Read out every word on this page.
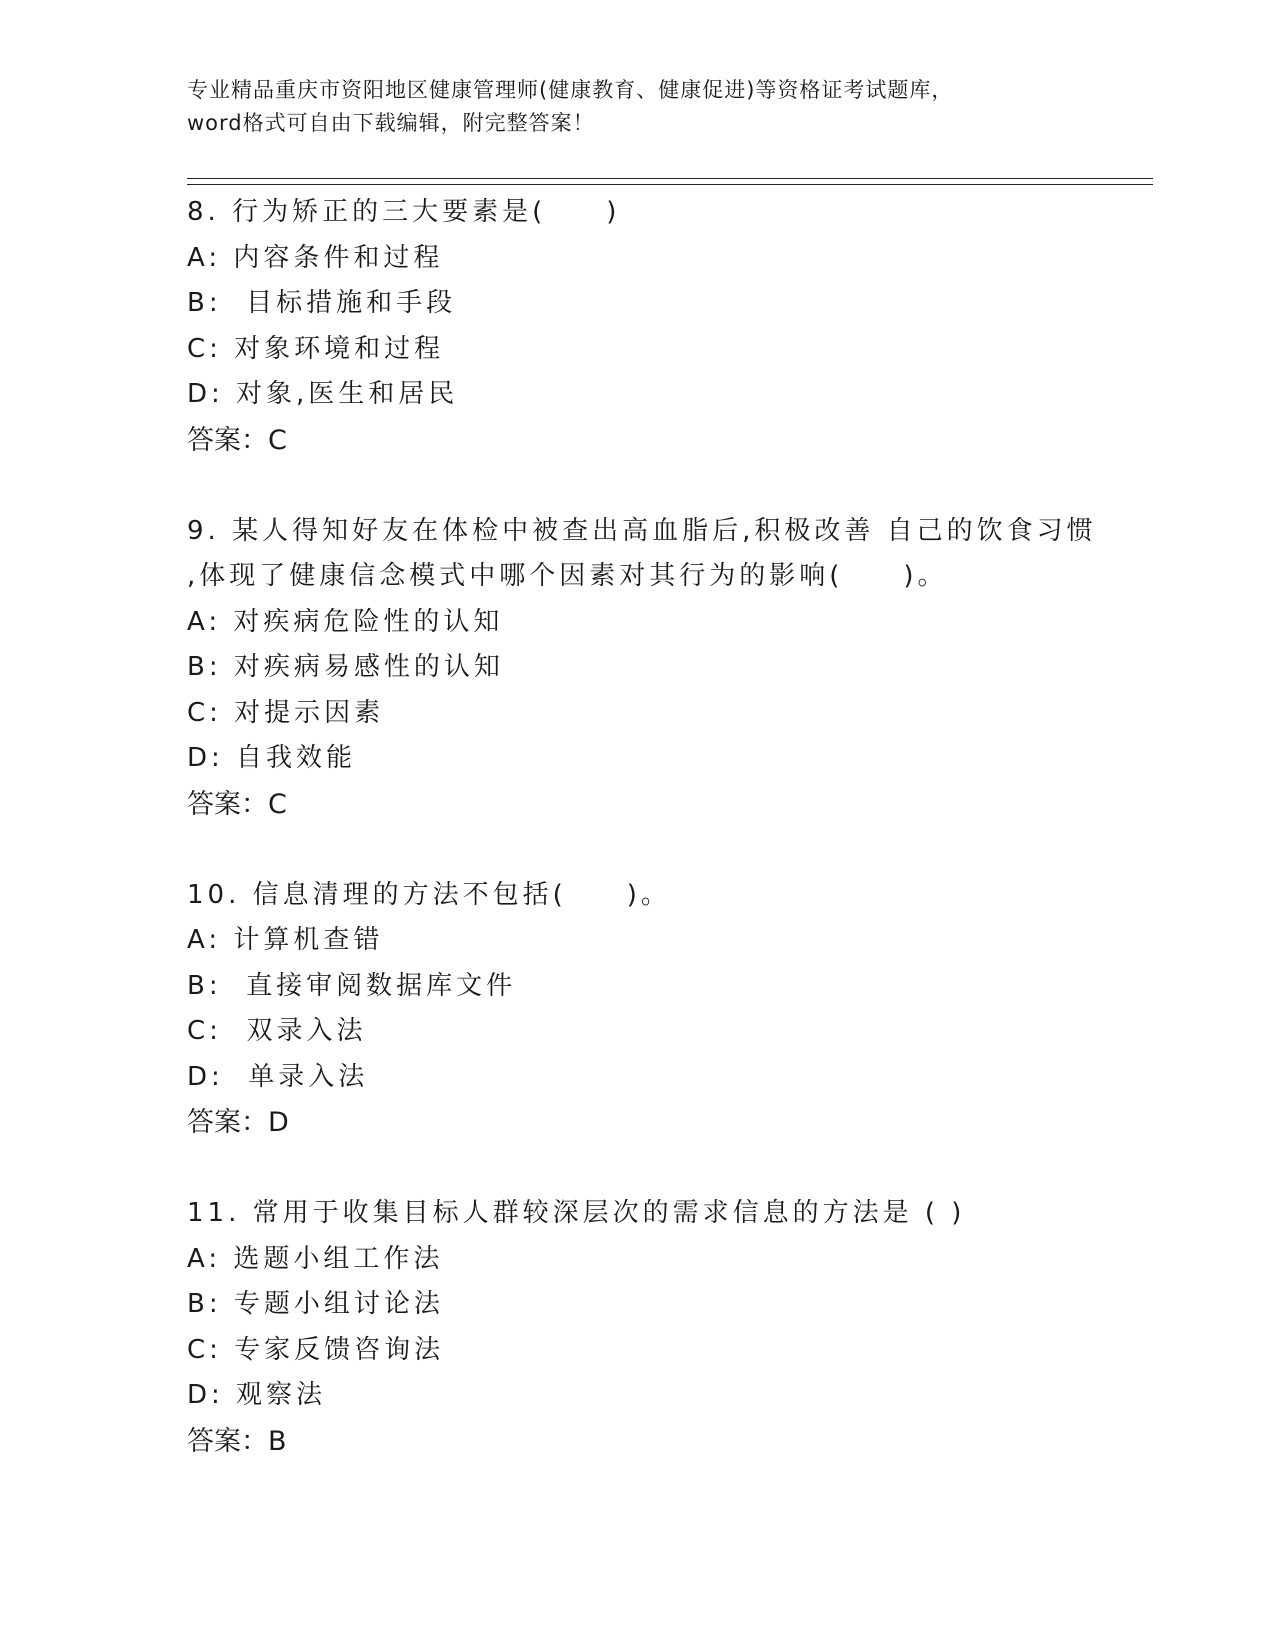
专业精品重庆市资阳地区健康管理师(健康教育、健康促进)等资格证考试题库，
word格式可自由下载编辑，附完整答案！
8. 行为矫正的三大要素是(　　)
A: 内容条件和过程
B:  目标措施和手段
C: 对象环境和过程
D: 对象,医生和居民
答案：C
9. 某人得知好友在体检中被查出高血脂后,积极改善 自己的饮食习惯
,体现了健康信念模式中哪个因素对其行为的影响(　　)。
A: 对疾病危险性的认知
B: 对疾病易感性的认知
C: 对提示因素
D: 自我效能
答案：C
10. 信息清理的方法不包括(　　)。
A: 计算机查错
B:  直接审阅数据库文件
C:  双录入法
D:  单录入法
答案：D
11. 常用于收集目标人群较深层次的需求信息的方法是 ( )
A: 选题小组工作法
B: 专题小组讨论法
C: 专家反馈咨询法
D: 观察法
答案：B
